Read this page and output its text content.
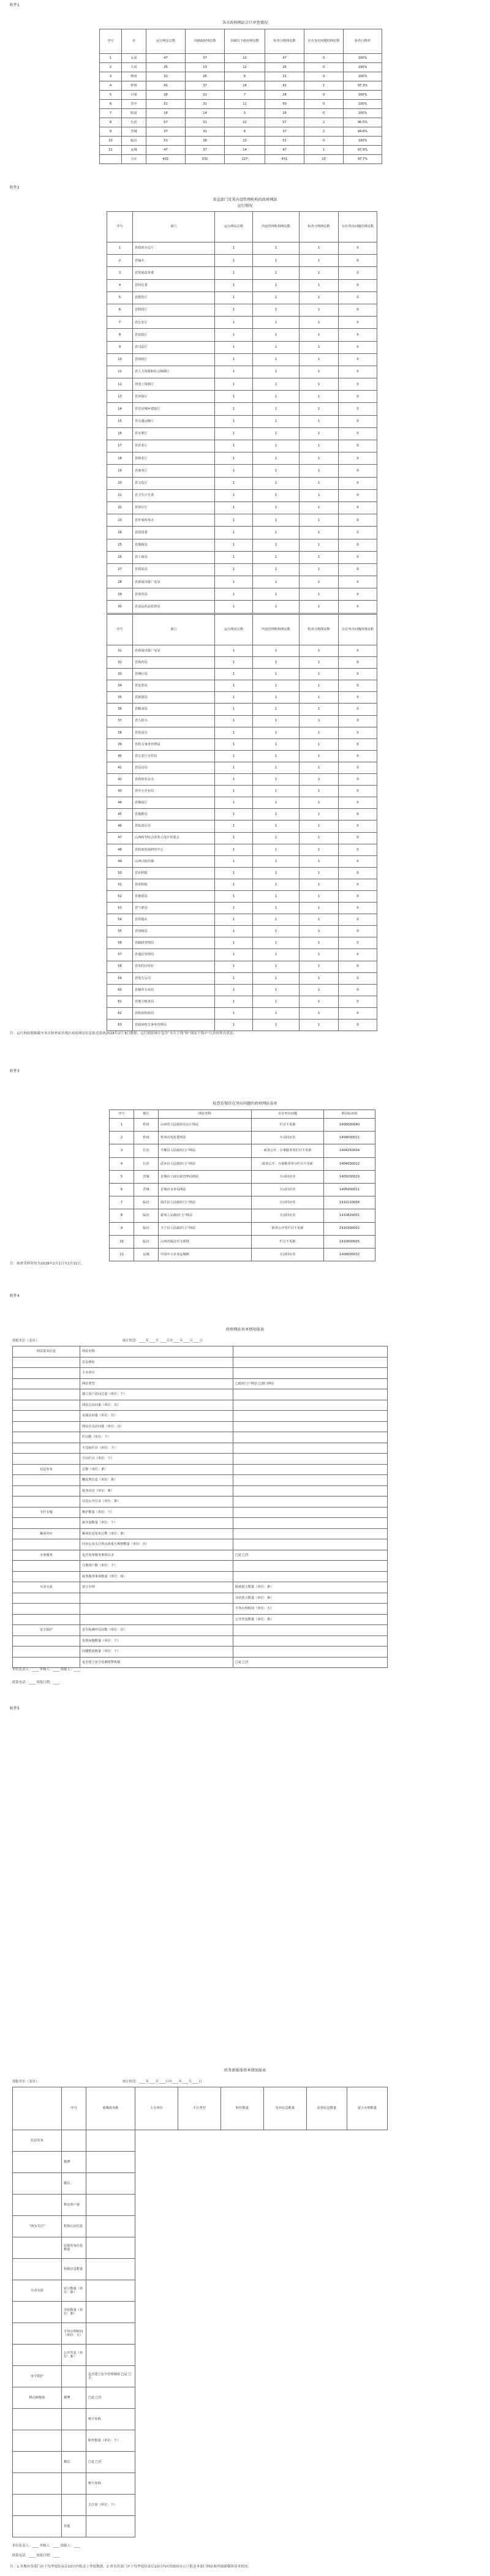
附件1
各市政府网站合计审查情况
序号	市	运行网站总数	市级政府网站数	县级以下政府网站数	检查合格网站数	存在突出问题的网站数	检查合格率
1	太原	47	37	10	47	0	100%
2	大同	25	13	12	25	0	100%
3	朔州	31	25	6	31	0	100%
4	忻州	41	37	14	41	1	97.3%
5	吕梁	28	21	7	28	0	100%
6	晋中	51	31	11	50	0	100%
7	阳泉	16	14	5	16	0	100%
8	长治	57	31	22	57	2	96.5%
9	晋城	37	31	6	37	2	94.6%
10	临汾	51	38	13	51	0	100%
11	运城	47	37	14	47	1	97.9%
	合计	431	331	127	431	10	97.7%
附件2
省直部门及其内设管理机构的政府网站
运行情况
序号	部门	运行网站总数	内设管理机构网站数	检查合格网站数	存在突出问题的网站数
1	省政府办公厅	1	1	1	0
2	省编办	1	1	1	0
3	省发展改革委	1	1	1	0
4	省经信委	1	1	1	0
5	省教育厅	1	1	1	0
6	省科技厅	1	1	1	0
7	省公安厅	1	1	1	0
8	省民政厅	1	1	1	0
9	省司法厅	1	1	1	0
10	省财政厅	1	1	1	0
11	省人力资源和社会保障厅	1	1	1	0
12	省国土资源厅	1	1	1	0
13	省环保厅	1	1	1	0
14	省住房城乡建设厅	1	1	1	0
15	省交通运输厅	1	1	1	0
16	省水利厅	1	1	1	0
17	省农业厅	1	1	1	0
18	省林业厅	1	1	1	0
19	省商务厅	1	1	1	0
20	省文化厅	1	1	1	0
21	省卫生计生委	1	1	1	0
22	省审计厅	1	1	1	0
23	省外事侨务办	1	1	1	0
24	省国资委	1	1	1	0
25	省地税局	1	1	1	0
26	省工商局	1	1	1	0
27	省质监局	1	1	1	0
28	省新闻出版广电局	1	1	1	0
29	省体育局	1	1	1	0
30	省食品药品监督局	1	1	1	0
序号	部门	运行网站总数	内设管理机构网站数	检查合格网站数	存在突出问题的网站数
31	省新闻出版广电局	1	1	1	0
32	省体育局	1	1	1	0
33	省统计局	1	1	1	0
34	省安监局	1	1	1	0
35	省旅游局	1	1	1	0
36	省粮食局	1	1	1	0
37	省人防办	1	1	1	0
38	省扶贫办	1	1	1	0
39	省机关事务管理局	1	1	1	0
40	省公安厅交管局	1	1	1	0
41	省信访局	1	1	1	0
42	省政府驻京办	1	1	1	0
43	省中小企业局	1	1	1	0
44	省煤炭厅	1	1	1	0
45	省地勘局	1	1	1	0
46	省综改区办	1	1	1	0
47	山西转型综合改革示范区管委会	1	1	1	0
48	省政府发展研究中心	1	1	1	0
49	山西日报传媒	1	1	1	0
50	省社科院	1	1	1	0
51	省农科院	1	1	1	0
52	省地震局	1	1	1	0
53	省气象局	1	1	1	0
54	省供销社	1	1	1	0
55	省国税局	1	1	1	0
56	省邮政管理局	1	1	1	0
57	省通信管理局	1	1	1	0
58	省农村信用社	1	1	1	0
59	省电力公司	1	1	1	0
60	省烟草专卖局	1	1	1	0
61	省地方税务局	1	1	1	0
62	省检验检疫局	1	1	1	0
63	省政府机关事务管理局	1	1	1	0
注：运行网站数据截至本次检查前各地区政府网站信息报送系统2018年2月 8日数据。运行网站统计包含“永久下线”和“网站下线中”以外的所有状态。
附件3
检查发现存在突出问题的政府网站名单
序号	地区	网站名称	存在突出问题	网站标识码
1	忻州	山西省人民政府办公厅网站	栏目不更新	1400000040
2	忻州	忻州市发改委网站	互动回应差	1409000011
3	长治	平顺县人民政府门户网站	政务公开、办事服务等栏目不更新	1404250004
4	长治	武乡县人民政府门户网站	政务公开、办事服务等分栏目不更新	1404000012
5	晋城	晋城市工商行政管理局网站	互动回应差	1405000029
6	晋城	晋城市水务局网站	互动回应差	1405000021
7	临汾	曲沃县人民政府门户网站	互动回应差	1410210006
8	临汾	霍州人民政府门户网站	互动回应差	1410820001
9	临汾	大宁县人民政府门户网站	政务公开等栏目不更新	1410300002
10	临汾	山西省临汾市文联网	栏目不更新	1410000005
11	运城	中国中小企业运城网	互动回应差	1408000032
注：抽查采样时间为2018年2月1日至2月11日。
附件4
政府网站基本情况报表
填报单位（盖章）：	统计时段：____年____月 ____日至____年____月____日
网站基本信息	网站名称	
	首页网址	
	主办单位	
	网站类型	□政府门户网站 □部门网站
	独立用户访问总量（单位：个）	
	网站总访问量（单位：次）	
	页面访问量（单位：次）	
	网站首页访问量（单位：次）	
	栏目数（单位：个）	
	不达标栏目（单位：个）	
	空白栏目（单位：个）	
信息发布	总数（单位：条）	
	概况类信息（单位：条）	
	政务动态（单位：条）	
	信息公开目录（单位：条）	
专栏专题	维护数量（单位：个）	
	新开设数量（单位：个）	
解读回应	解读信息发布总数（单位：条）	
	回应公众关注热点或重大舆情数量（单位：次）	
办事服务	是否发布服务事项目录	□是 □否
	注册用户数（单位：个）	
	政务服务事项数量（单位：项）	
互动交流	留言办理	收到留言数量（单位：条）
		办结留言数量（单位：条）
		平均办理时间（单位：天）
		公开答复数量（单位：条）
安全防护	安全检测评估次数（单位：次）	
	发现问题数量（单位：个）	
	问题整改数量（单位：个）	
	是否建立安全监测预警机制	□是 □否
单位负责人：____ 审核人：____ 填报人：____
联系电话：____ 填报日期：____
附件5
政务新媒体基本情况报表
填报单位（盖章）：	统计时段：____年____月____日至____年____月____日
	序号	新媒体名称	主办单位	平台类型	粉丝数量	发布信息数量	原创信息数量	留言办理数量
信息发布								
	微博							
	微信							
	移动客户端							
“两为关注”	机构认证信息							
	原创发布信息数量							
	转载信息数量							
互动交流	留言数量（单位：条）							
	办结数量（单位：条）							
	平均办理时间（单位：天）							
	公开答复（单位：条）							
安全防护		是否建立安全管理制度 □是 □否						
移动新媒体	微博	□是 □否						
		账号名称						
		粉丝数量（单位：个）						
	微信	□是 □否						
		账号名称						
		关注量（单位：个）						
	其他							
单位负责人：____ 审核人：____ 填报人：____
联系电话：____ 填报日期：____
注：1.各地区各部门应于每季度结束后10日内报送上季度数据。2.省直各部门应于每季度结束后10日内向省政府办公厅报送本部门网站和所属新媒体基本情况。
